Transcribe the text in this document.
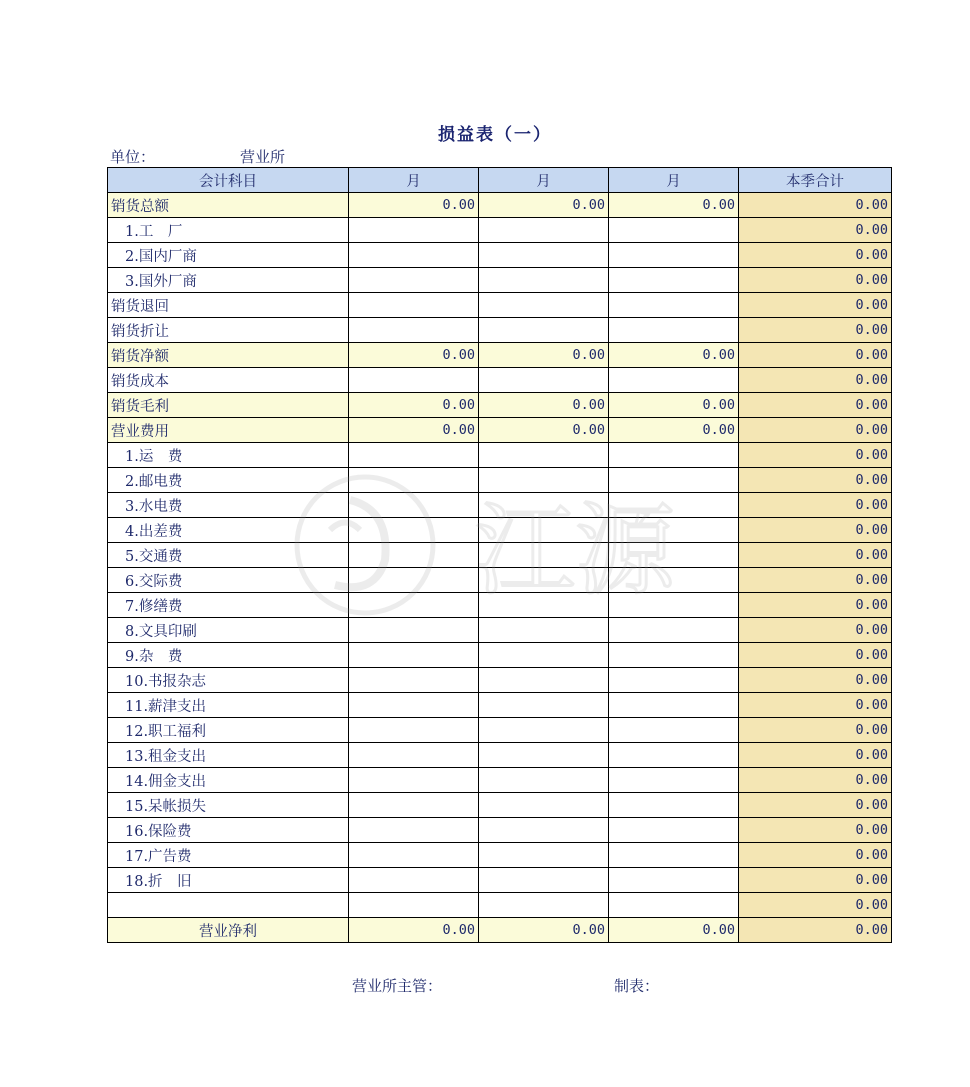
损益表（一）
单位：	营业所
会计科目	月	月	月	本季合计
销货总额	0.00	0.00	0.00	0.00
1.工　厂				0.00
2.国内厂商				0.00
3.国外厂商				0.00
销货退回				0.00
销货折让				0.00
销货净额	0.00	0.00	0.00	0.00
销货成本				0.00
销货毛利	0.00	0.00	0.00	0.00
营业费用	0.00	0.00	0.00	0.00
1.运　费				0.00
2.邮电费				0.00
3.水电费				0.00
4.出差费				0.00
5.交通费				0.00
6.交际费				0.00
7.修缮费				0.00
8.文具印刷				0.00
9.杂　费				0.00
10.书报杂志				0.00
11.薪津支出				0.00
12.职工福利				0.00
13.租金支出				0.00
14.佣金支出				0.00
15.呆帐损失				0.00
16.保险费				0.00
17.广告费				0.00
18.折　旧				0.00
				0.00
营业净利	0.00	0.00	0.00	0.00
江源
营业所主管：	制表：
